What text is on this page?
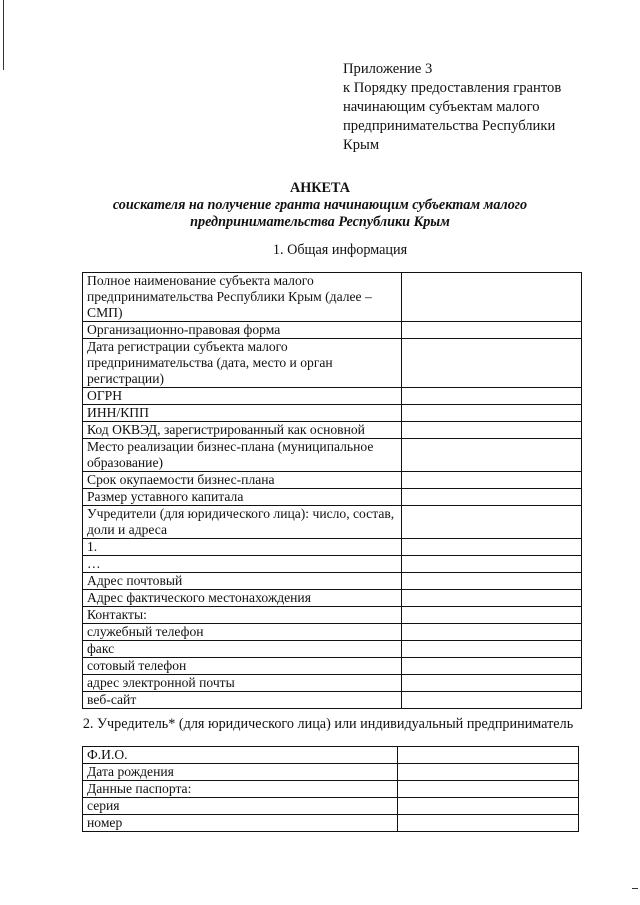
Приложение 3
к Порядку предоставления грантов
начинающим субъектам малого
предпринимательства Республики
Крым
АНКЕТА
соискателя на получение гранта начинающим субъектам малого
предпринимательства Республики Крым
1. Общая информация
Полное наименование субъекта малого предпринимательства Республики Крым (далее – СМП)	
Организационно-правовая форма	
Дата регистрации субъекта малого предпринимательства (дата, место и орган регистрации)	
ОГРН	
ИНН/КПП	
Код ОКВЭД, зарегистрированный как основной	
Место реализации бизнес-плана (муниципальное образование)	
Срок окупаемости бизнес-плана	
Размер уставного капитала	
Учредители (для юридического лица): число, состав, доли и адреса	
1.	
…	
Адрес почтовый	
Адрес фактического местонахождения	
Контакты:	
служебный телефон	
факс	
сотовый телефон	
адрес электронной почты	
веб-сайт	
2. Учредитель* (для юридического лица) или индивидуальный предприниматель
Ф.И.О.	
Дата рождения	
Данные паспорта:	
серия	
номер	
